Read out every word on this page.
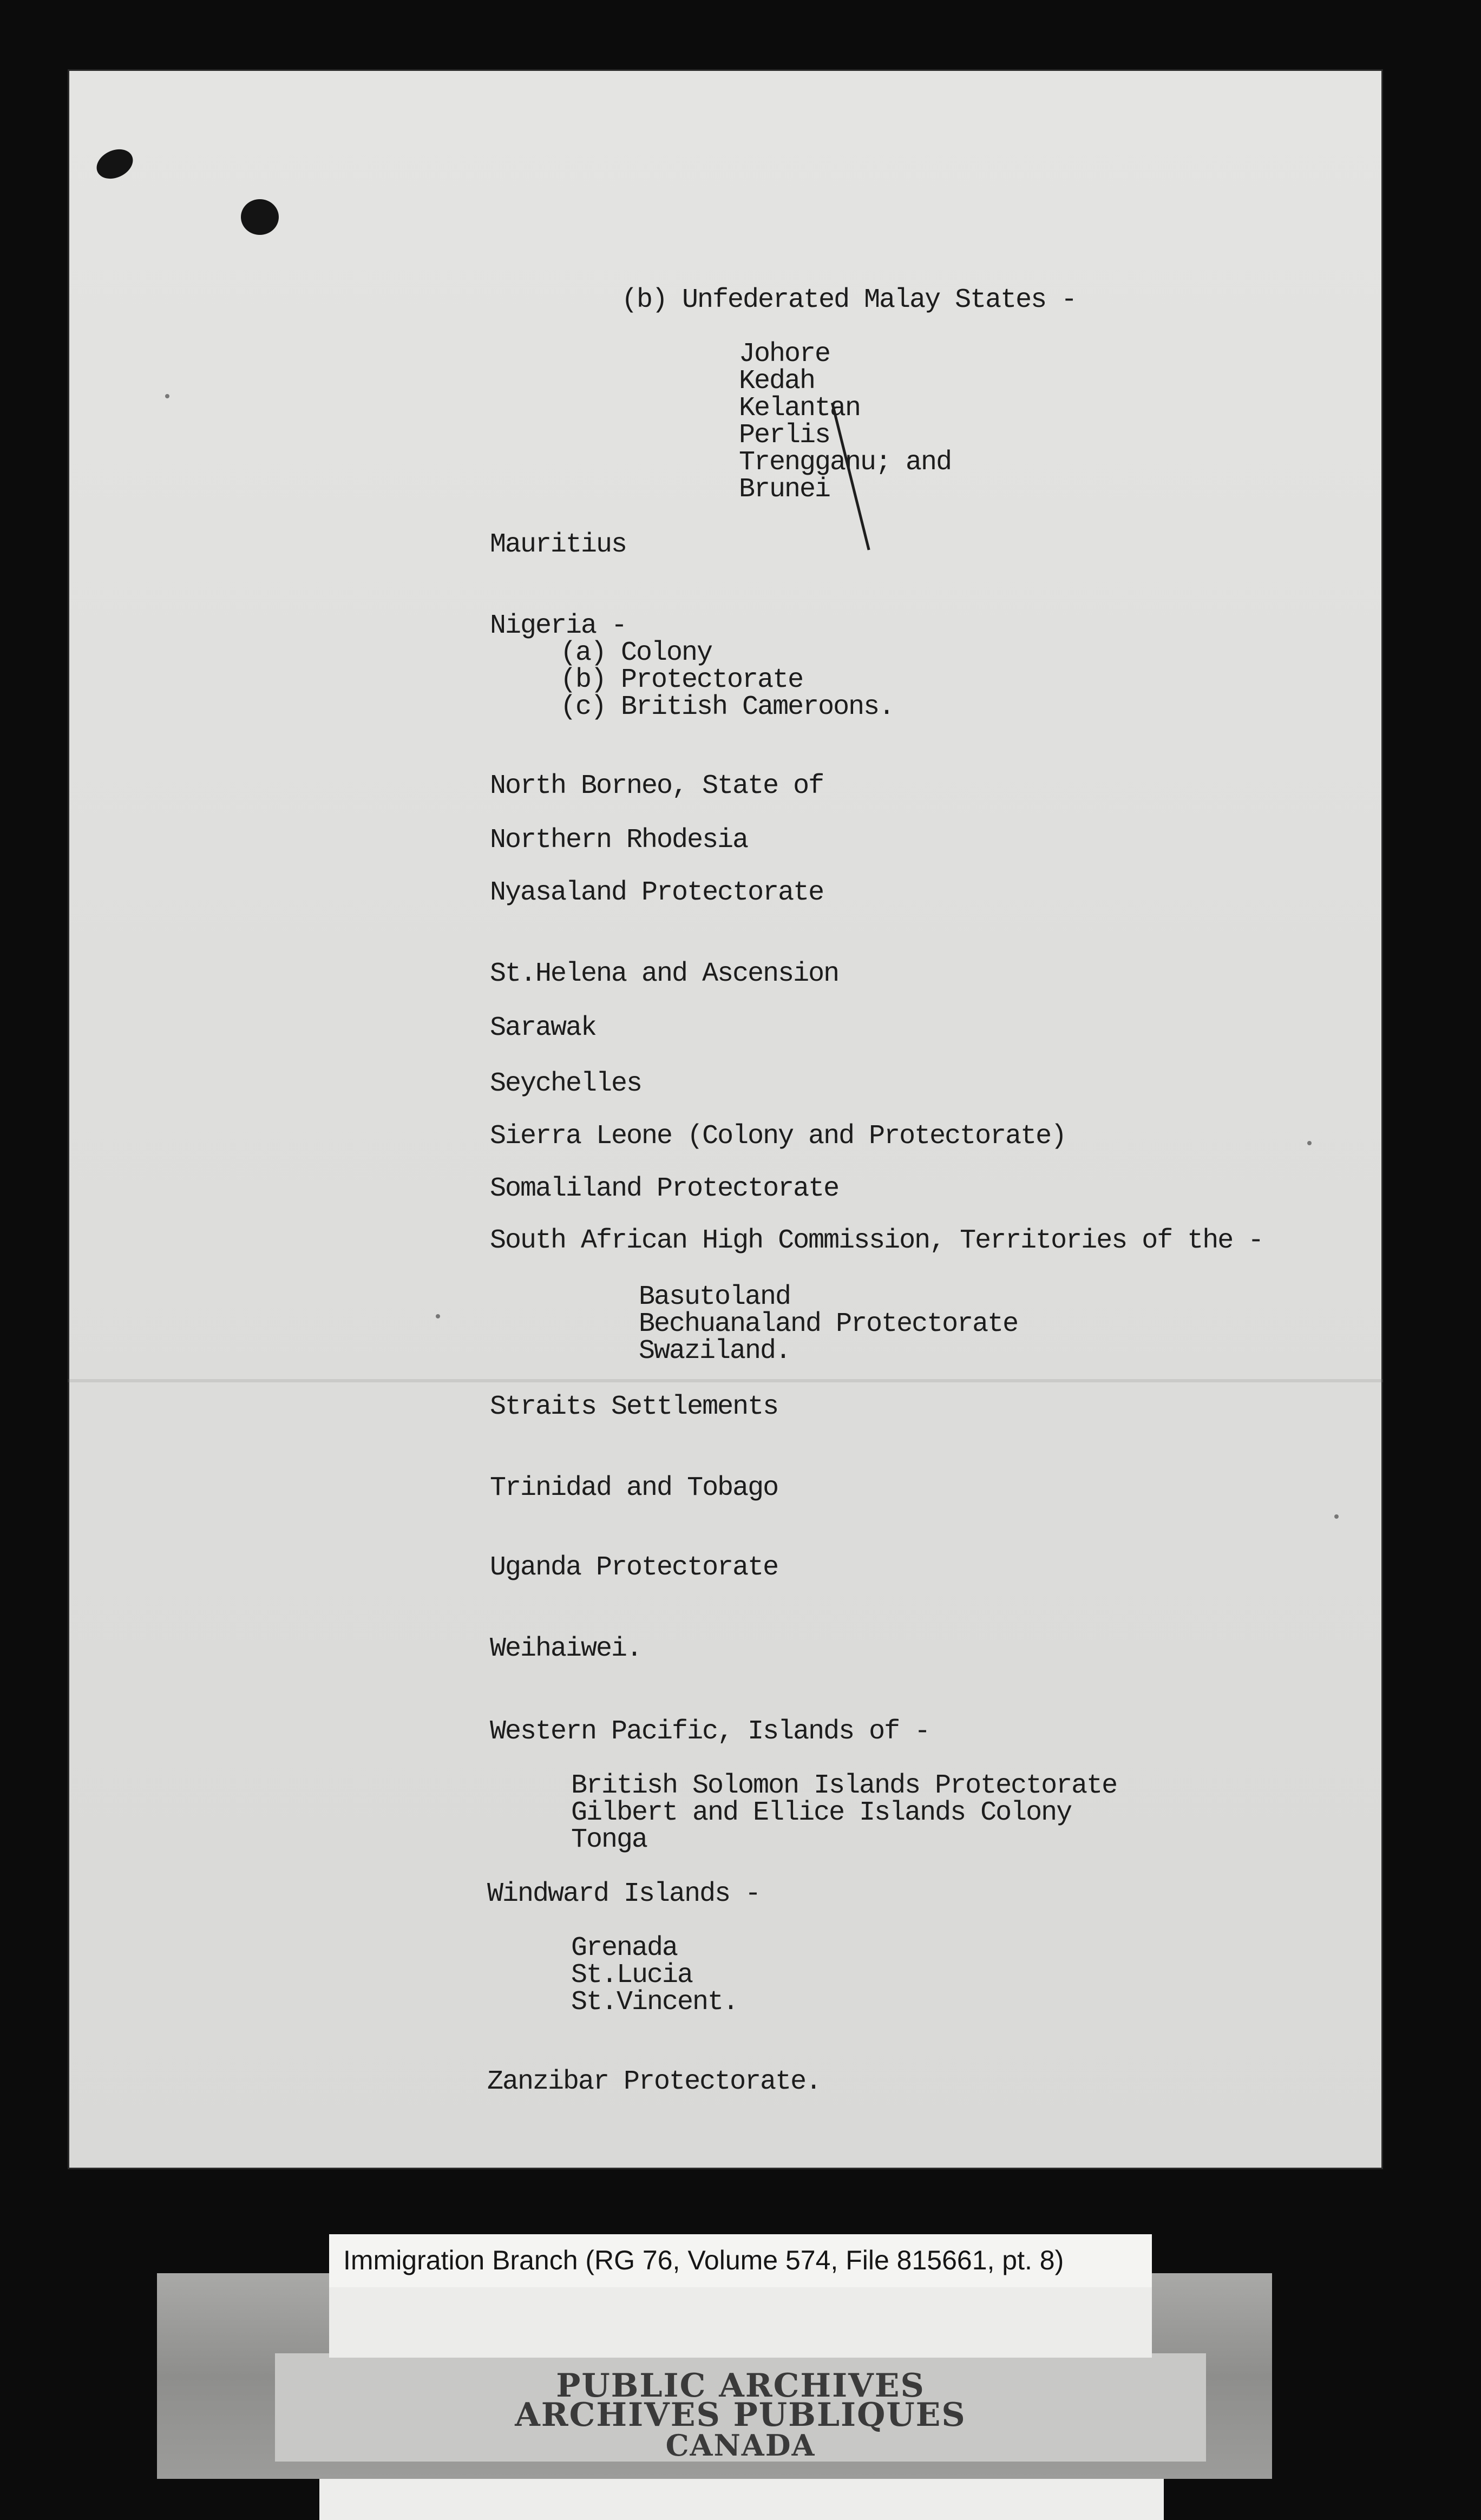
(b) Unfederated Malay States -

Johore

Kedah

Kelantan

Perlis

Trengganu; and

Brunei

Mauritius

Nigeria -

(a) Colony

(b) Protectorate

(c) British Cameroons.

North Borneo, State of

Northern Rhodesia

Nyasaland Protectorate

St.Helena and Ascension

Sarawak

Seychelles

Sierra Leone (Colony and Protectorate)

Somaliland Protectorate

South African High Commission, Territories of the -

Basutoland

Bechuanaland Protectorate

Swaziland.

Straits Settlements

Trinidad and Tobago

Uganda Protectorate

Weihaiwei.

Western Pacific, Islands of -

British Solomon Islands Protectorate

Gilbert and Ellice Islands Colony

Tonga

Windward Islands -

Grenada

St.Lucia

St.Vincent.

Zanzibar Protectorate.

PUBLIC ARCHIVES

ARCHIVES PUBLIQUES

CANADA

Immigration Branch (RG 76, Volume 574, File 815661, pt. 8)
